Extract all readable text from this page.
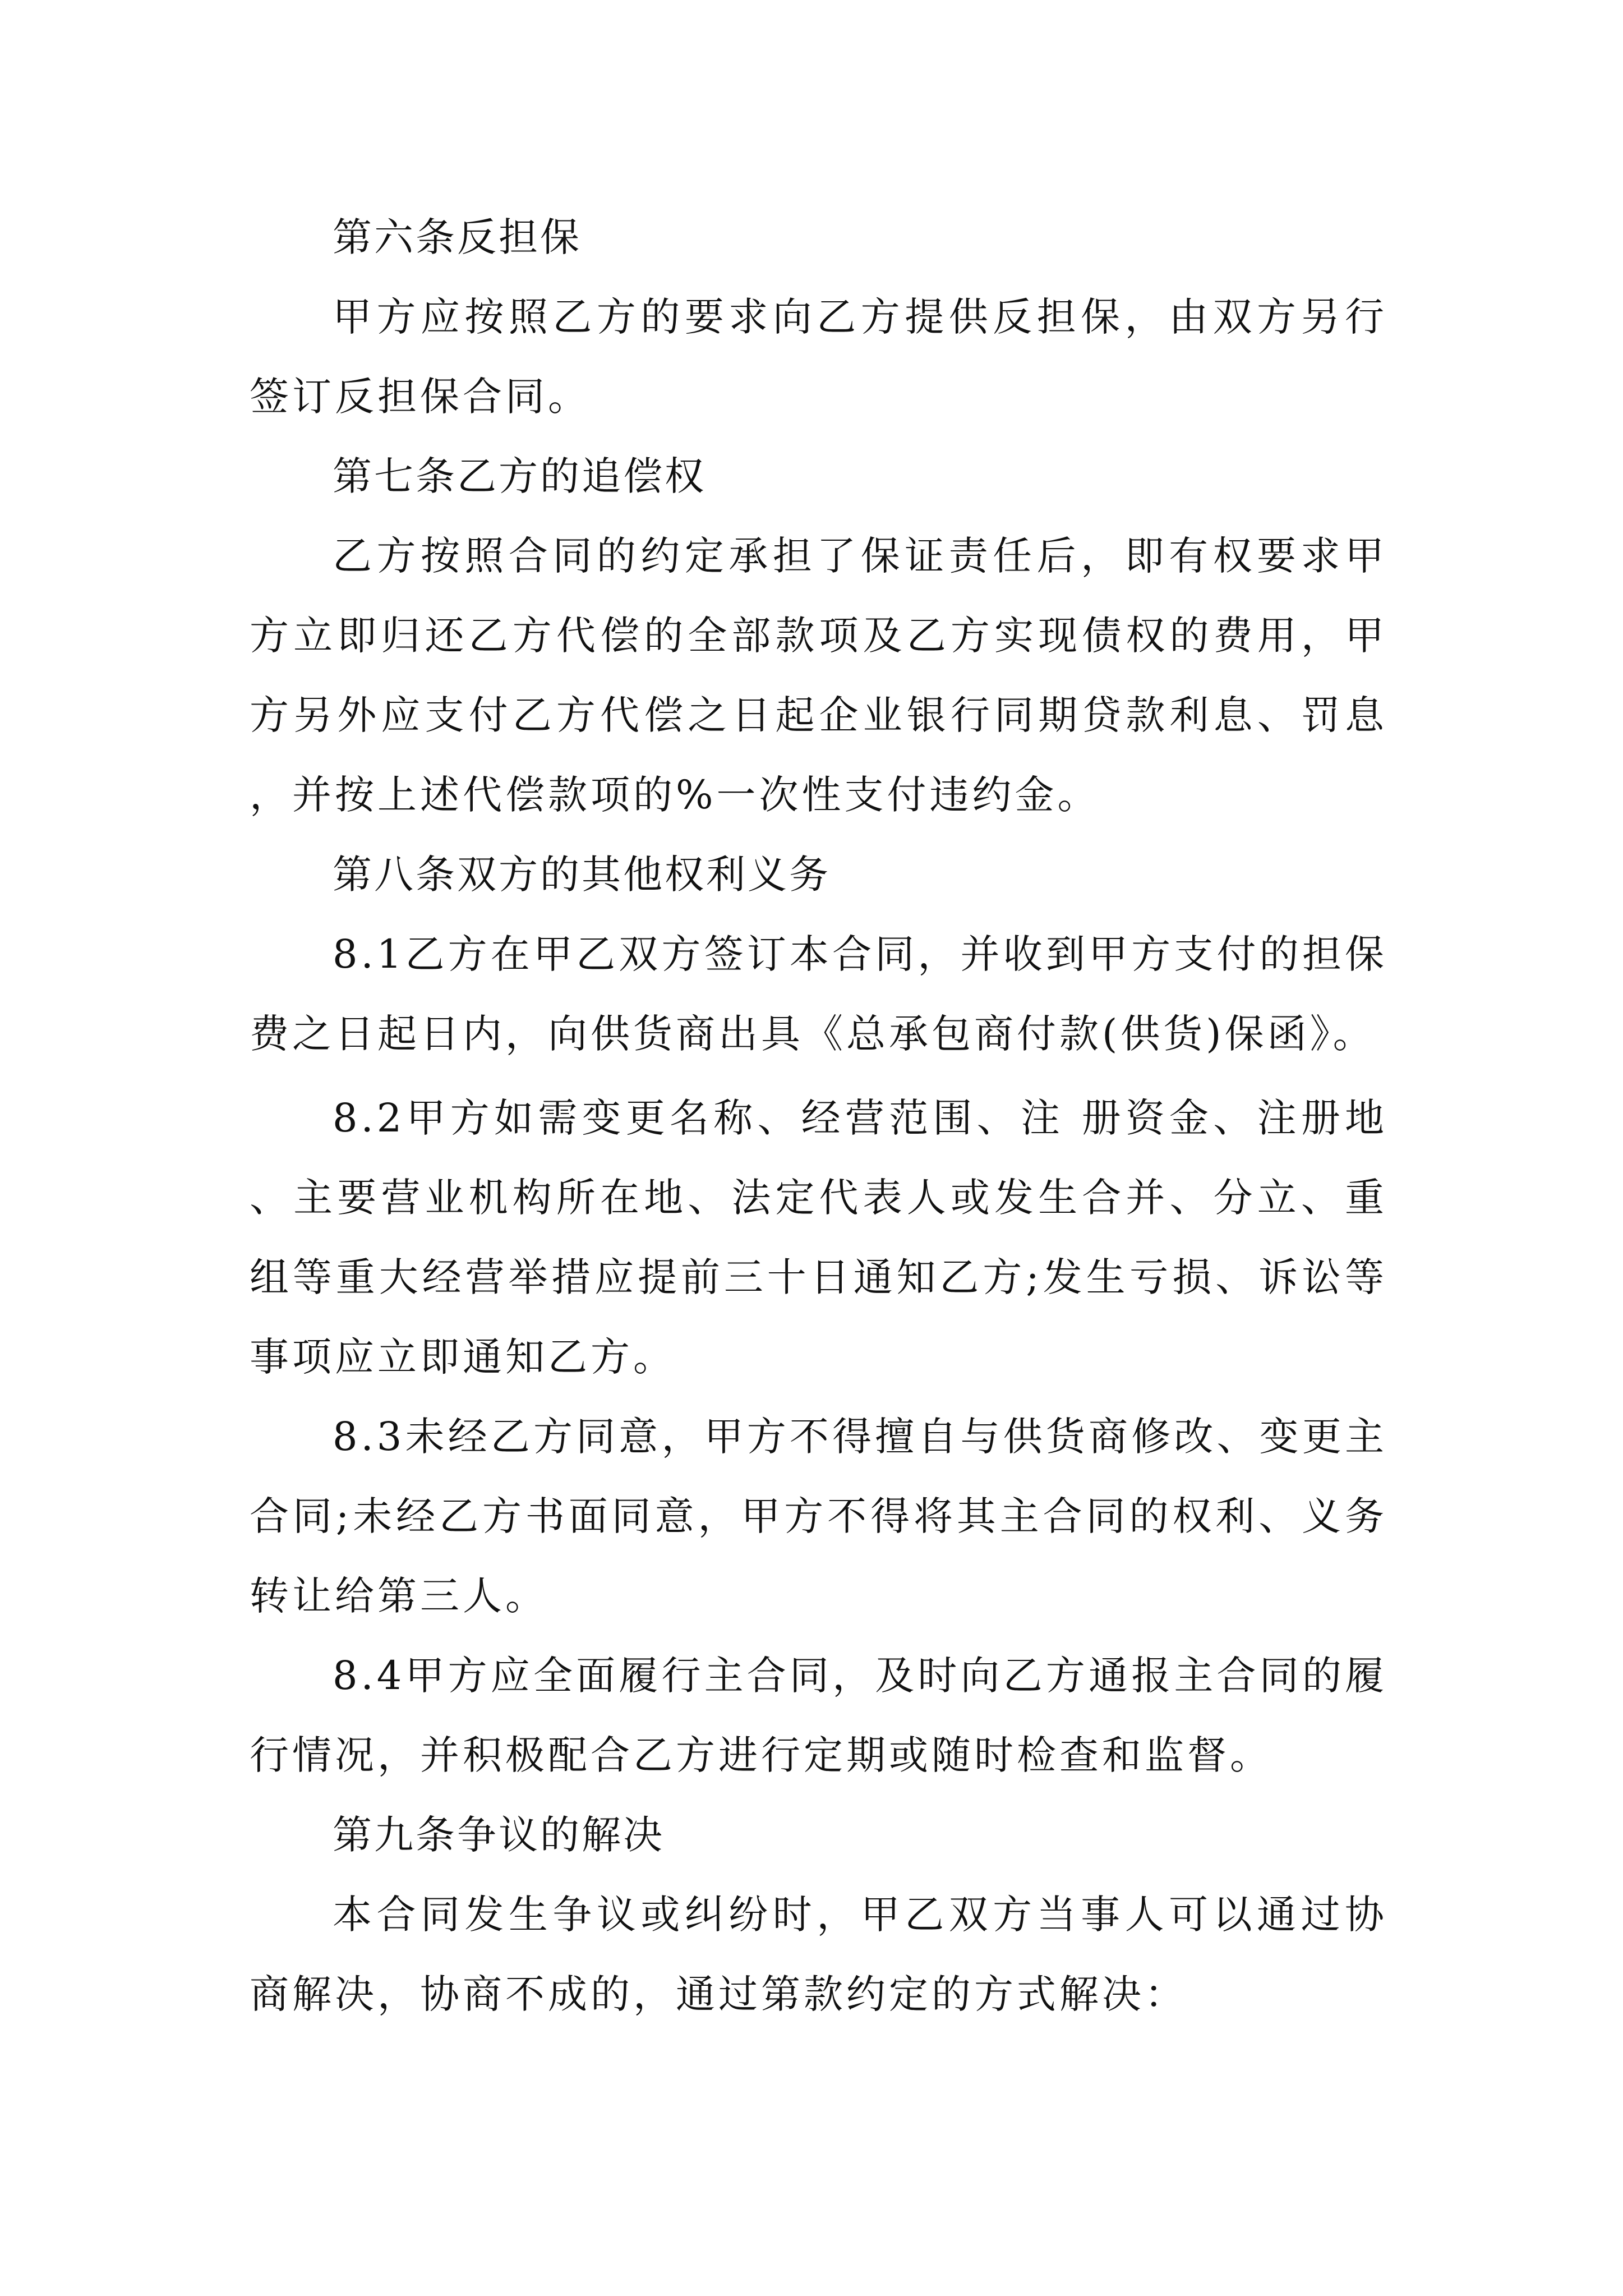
第六条反担保

甲方应按照乙方的要求向乙方提供反担保，由双方另行签订反担保合同。

第七条乙方的追偿权

乙方按照合同的约定承担了保证责任后，即有权要求甲方立即归还乙方代偿的全部款项及乙方实现债权的费用，甲方另外应支付乙方代偿之日起企业银行同期贷款利息、罚息，并按上述代偿款项的%一次性支付违约金。

第八条双方的其他权利义务

8.1乙方在甲乙双方签订本合同，并收到甲方支付的担保费之日起日内，向供货商出具《总承包商付款(供货)保函》。

8.2甲方如需变更名称、经营范围、注 册资金、注册地、主要营业机构所在地、法定代表人或发生合并、分立、重组等重大经营举措应提前三十日通知乙方;发生亏损、诉讼等事项应立即通知乙方。

8.3未经乙方同意，甲方不得擅自与供货商修改、变更主合同;未经乙方书面同意，甲方不得将其主合同的权利、义务转让给第三人。

8.4甲方应全面履行主合同，及时向乙方通报主合同的履行情况，并积极配合乙方进行定期或随时检查和监督。

第九条争议的解决

本合同发生争议或纠纷时，甲乙双方当事人可以通过协商解决，协商不成的，通过第款约定的方式解决：
